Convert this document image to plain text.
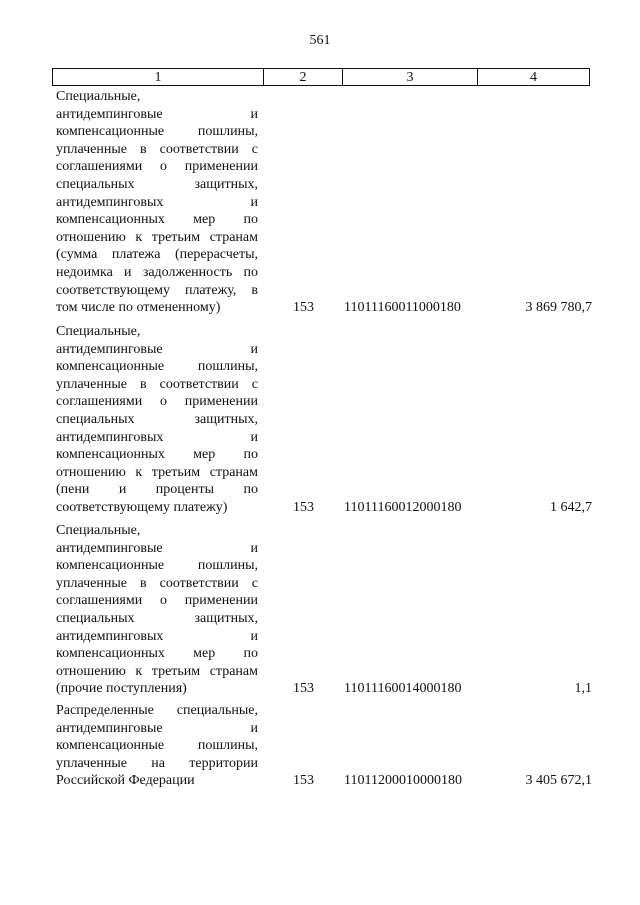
561
1	2	3	4
Специальные,
антидемпинговые и
компенсационные пошлины,
уплаченные в соответствии с
соглашениями о применении
специальных защитных,
антидемпинговых и
компенсационных мер по
отношению к третьим странам
(сумма платежа (перерасчеты,
недоимка и задолженность по
соответствующему платежу, в
том числе по отмененному)	153	11011160011000180	3 869 780,7
Специальные,
антидемпинговые и
компенсационные пошлины,
уплаченные в соответствии с
соглашениями о применении
специальных защитных,
антидемпинговых и
компенсационных мер по
отношению к третьим странам
(пени и проценты по
соответствующему платежу)	153	11011160012000180	1 642,7
Специальные,
антидемпинговые и
компенсационные пошлины,
уплаченные в соответствии с
соглашениями о применении
специальных защитных,
антидемпинговых и
компенсационных мер по
отношению к третьим странам
(прочие поступления)	153	11011160014000180	1,1
Распределенные специальные,
антидемпинговые и
компенсационные пошлины,
уплаченные на территории
Российской Федерации	153	11011200010000180	3 405 672,1
